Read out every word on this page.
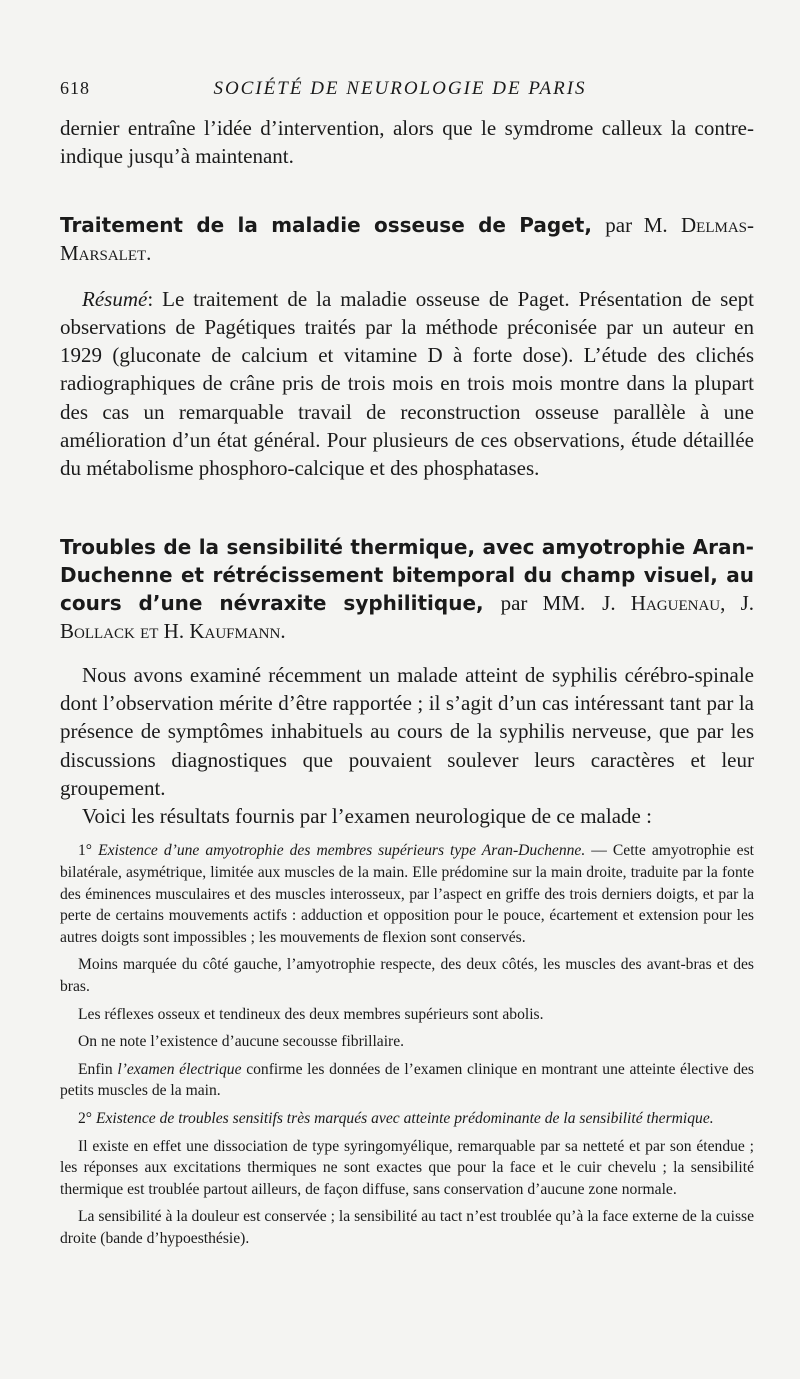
618	SOCIÉTÉ DE NEUROLOGIE DE PARIS

dernier entraîne l’idée d’intervention, alors que le symdrome calleux la contre-indique jusqu’à maintenant.

Traitement de la maladie osseuse de Paget, par M. Delmas-Marsalet.

Résumé: Le traitement de la maladie osseuse de Paget. Présentation de sept observations de Pagétiques traités par la méthode préconisée par un auteur en 1929 (gluconate de calcium et vitamine D à forte dose). L’étude des clichés radiographiques de crâne pris de trois mois en trois mois montre dans la plupart des cas un remarquable travail de reconstruction osseuse parallèle à une amélioration d’un état général. Pour plusieurs de ces observations, étude détaillée du métabolisme phosphoro-calcique et des phosphatases.

Troubles de la sensibilité thermique, avec amyotrophie Aran-Duchenne et rétrécissement bitemporal du champ visuel, au cours d’une névraxite syphilitique, par MM. J. Haguenau, J. Bollack et H. Kaufmann.

Nous avons examiné récemment un malade atteint de syphilis cérébro-spinale dont l’observation mérite d’être rapportée ; il s’agit d’un cas intéressant tant par la présence de symptômes inhabituels au cours de la syphilis nerveuse, que par les discussions diagnostiques que pouvaient soulever leurs caractères et leur groupement.

Voici les résultats fournis par l’examen neurologique de ce malade :

1° Existence d’une amyotrophie des membres supérieurs type Aran-Duchenne. — Cette amyotrophie est bilatérale, asymétrique, limitée aux muscles de la main. Elle prédomine sur la main droite, traduite par la fonte des éminences musculaires et des muscles interosseux, par l’aspect en griffe des trois derniers doigts, et par la perte de certains mouvements actifs : adduction et opposition pour le pouce, écartement et extension pour les autres doigts sont impossibles ; les mouvements de flexion sont conservés.

Moins marquée du côté gauche, l’amyotrophie respecte, des deux côtés, les muscles des avant-bras et des bras.

Les réflexes osseux et tendineux des deux membres supérieurs sont abolis.

On ne note l’existence d’aucune secousse fibrillaire.

Enfin l’examen électrique confirme les données de l’examen clinique en montrant une atteinte élective des petits muscles de la main.

2° Existence de troubles sensitifs très marqués avec atteinte prédominante de la sensibilité thermique.

Il existe en effet une dissociation de type syringomyélique, remarquable par sa netteté et par son étendue ; les réponses aux excitations thermiques ne sont exactes que pour la face et le cuir chevelu ; la sensibilité thermique est troublée partout ailleurs, de façon diffuse, sans conservation d’aucune zone normale.

La sensibilité à la douleur est conservée ; la sensibilité au tact n’est troublée qu’à la face externe de la cuisse droite (bande d’hypoesthésie).
